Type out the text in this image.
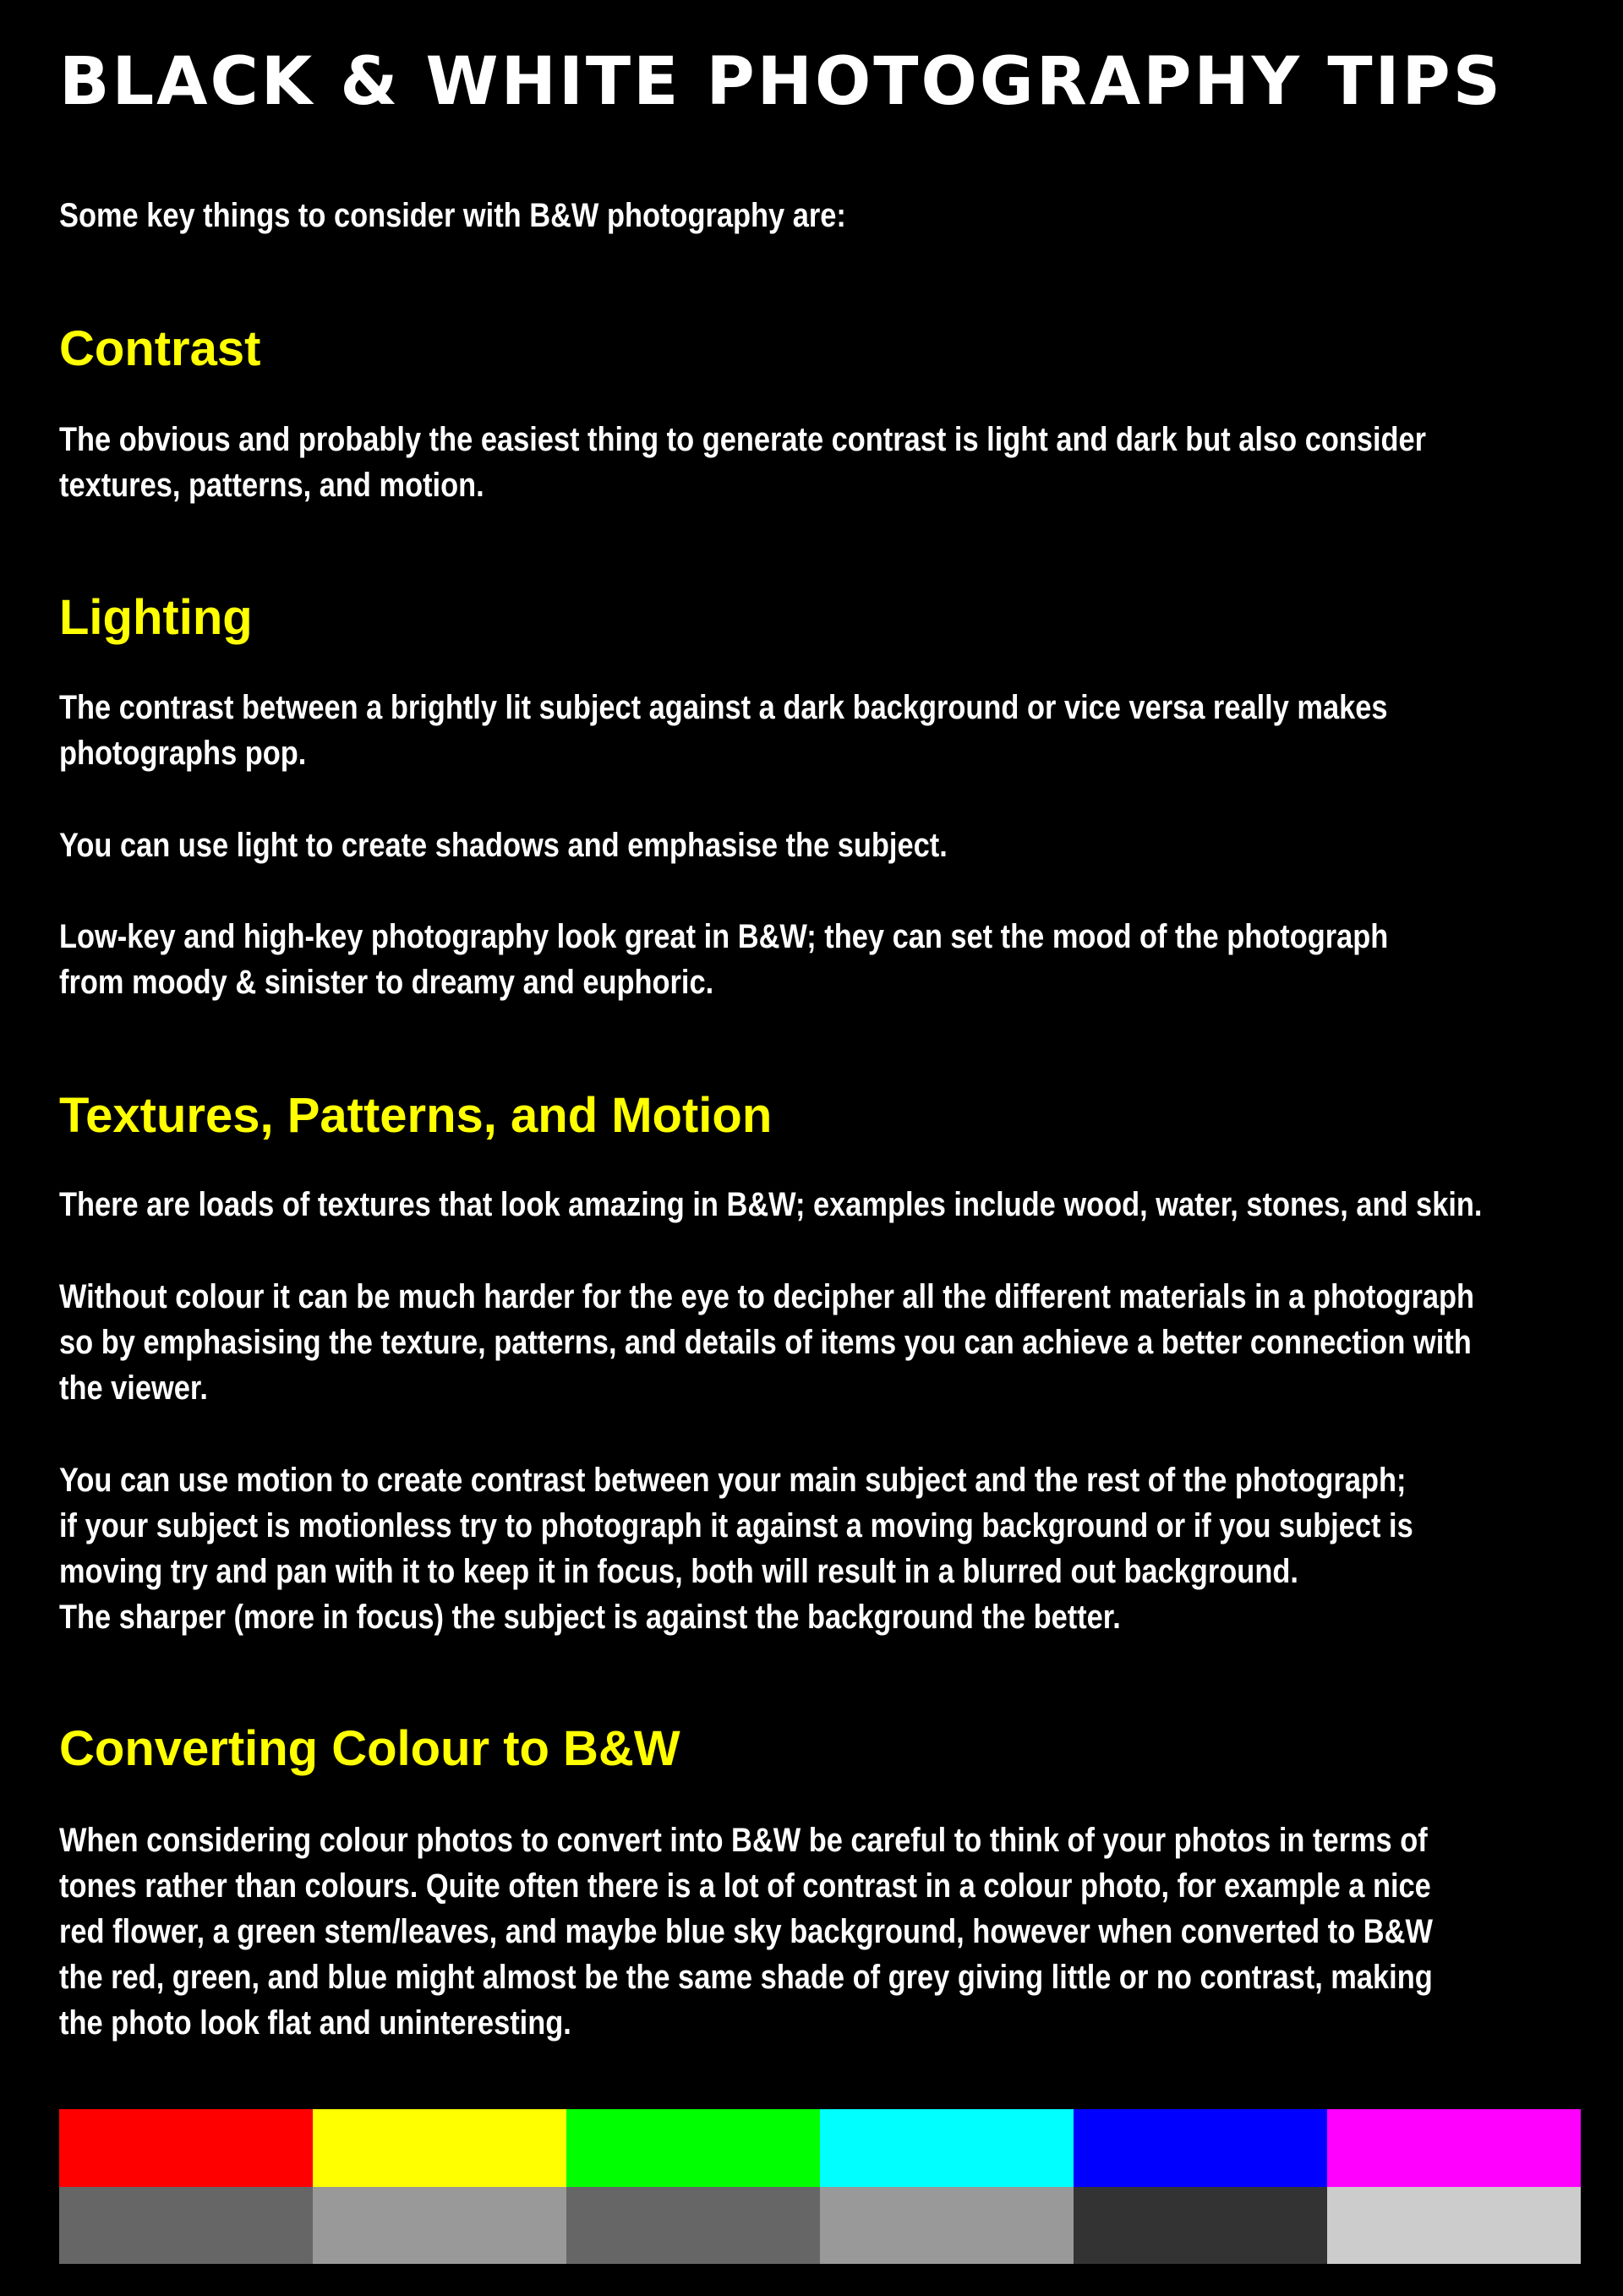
BLACK & WHITE PHOTOGRAPHY TIPS

Some key things to consider with B&W photography are:

Contrast

The obvious and probably the easiest thing to generate contrast is light and dark but also consider
textures, patterns, and motion.

Lighting

The contrast between a brightly lit subject against a dark background or vice versa really makes
photographs pop.

You can use light to create shadows and emphasise the subject.

Low-key and high-key photography look great in B&W; they can set the mood of the photograph
from moody & sinister to dreamy and euphoric.

Textures, Patterns, and Motion

There are loads of textures that look amazing in B&W; examples include wood, water, stones, and skin.

Without colour it can be much harder for the eye to decipher all the different materials in a photograph
so by emphasising the texture, patterns, and details of items you can achieve a better connection with
the viewer.

You can use motion to create contrast between your main subject and the rest of the photograph;
if your subject is motionless try to photograph it against a moving background or if you subject is
moving try and pan with it to keep it in focus, both will result in a blurred out background.
The sharper (more in focus) the subject is against the background the better.

Converting Colour to B&W

When considering colour photos to convert into B&W be careful to think of your photos in terms of
tones rather than colours. Quite often there is a lot of contrast in a colour photo, for example a nice
red flower, a green stem/leaves, and maybe blue sky background, however when converted to B&W
the red, green, and blue might almost be the same shade of grey giving little or no contrast, making
the photo look flat and uninteresting.
